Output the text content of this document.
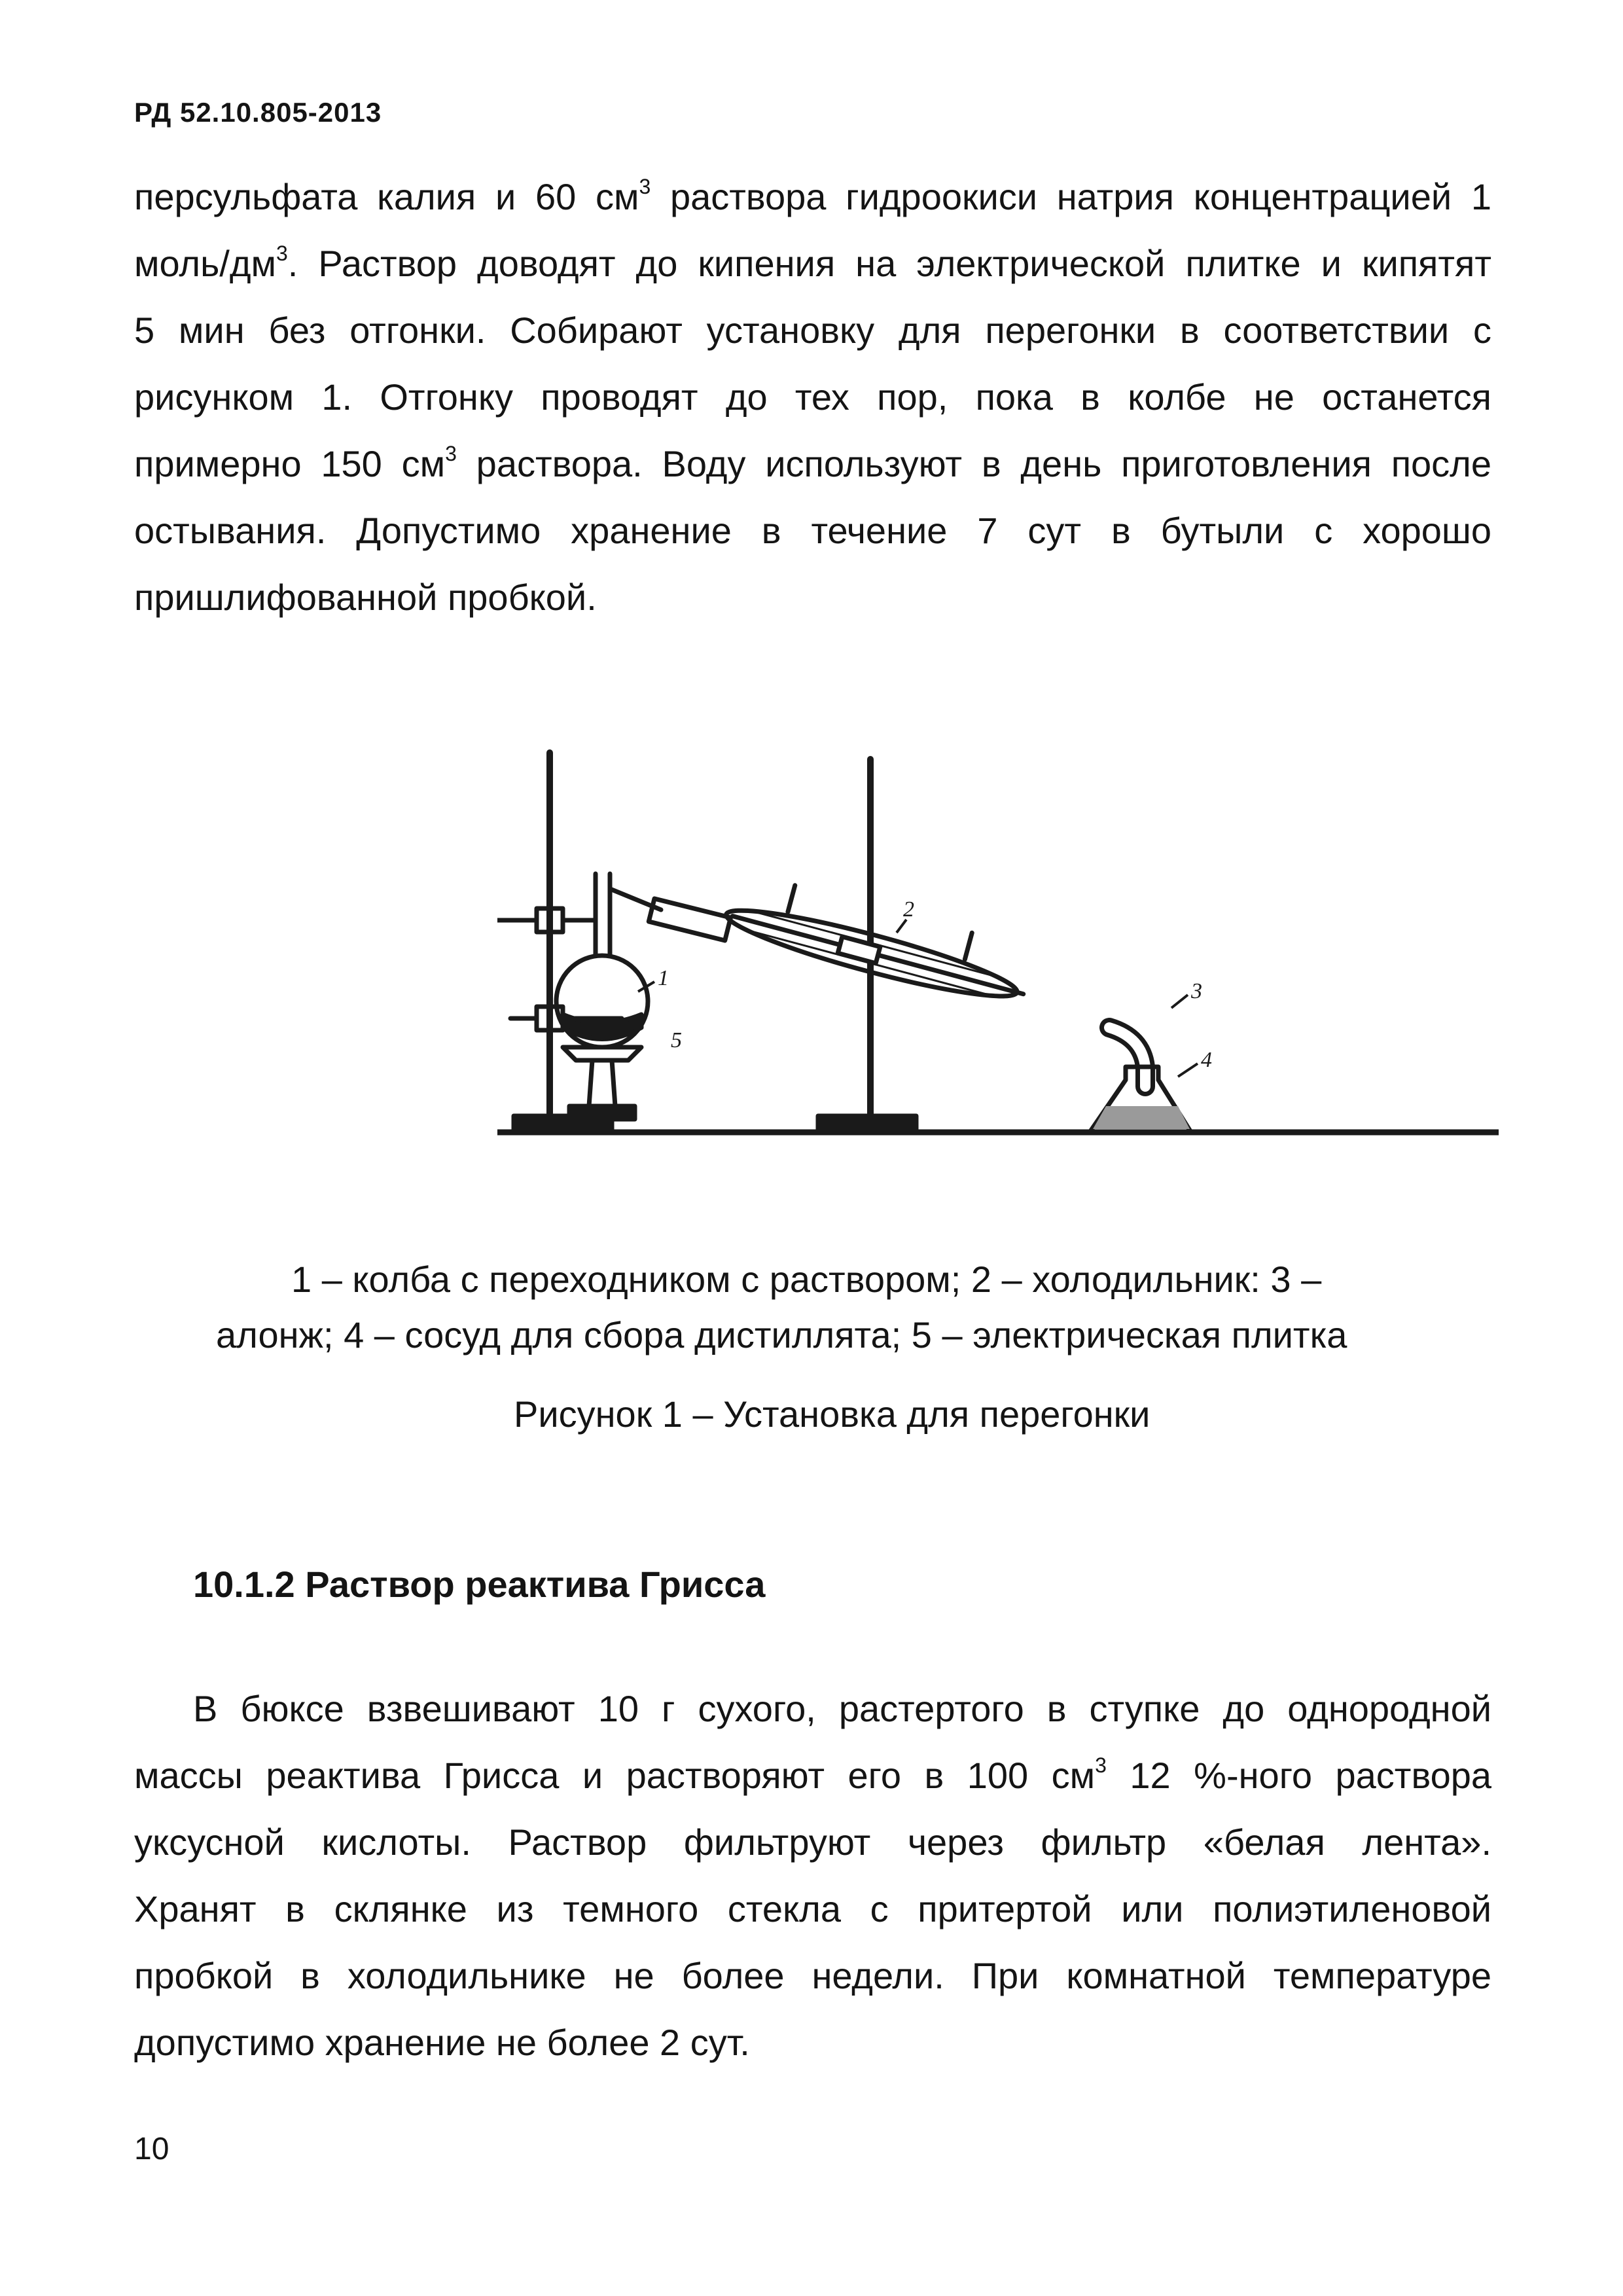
РД 52.10.805-2013
персульфата калия и 60 $см^3$ раствора гидроокиси натрия концентрацией 1
моль/$дм^3$. Раствор доводят до кипения на электрической плитке и кипятят
5 мин без отгонки. Собирают установку для перегонки в соответствии с
рисунком 1. Отгонку проводят до тех пор, пока в колбе не останется
примерно 150 $см^3$ раствора. Воду используют в день приготовления после
остывания. Допустимо хранение в течение 7 сут в бутыли с хорошо
пришлифованной пробкой.
1
2
3
4
5
1 – колба с переходником с раствором; 2 – холодильник: 3 –
алонж; 4 – сосуд для сбора дистиллята; 5 – электрическая плитка
Рисунок 1 – Установка для перегонки
10.1.2 Раствор реактива Грисса
В бюксе взвешивают 10 г сухого, растертого в ступке до однородной
массы реактива Грисса и растворяют его в 100 $см^3$ 12 %-ного раствора
уксусной кислоты. Раствор фильтруют через фильтр «белая лента».
Хранят в склянке из темного стекла с притертой или полиэтиленовой
пробкой в холодильнике не более недели. При комнатной температуре
допустимо хранение не более 2 сут.
10
